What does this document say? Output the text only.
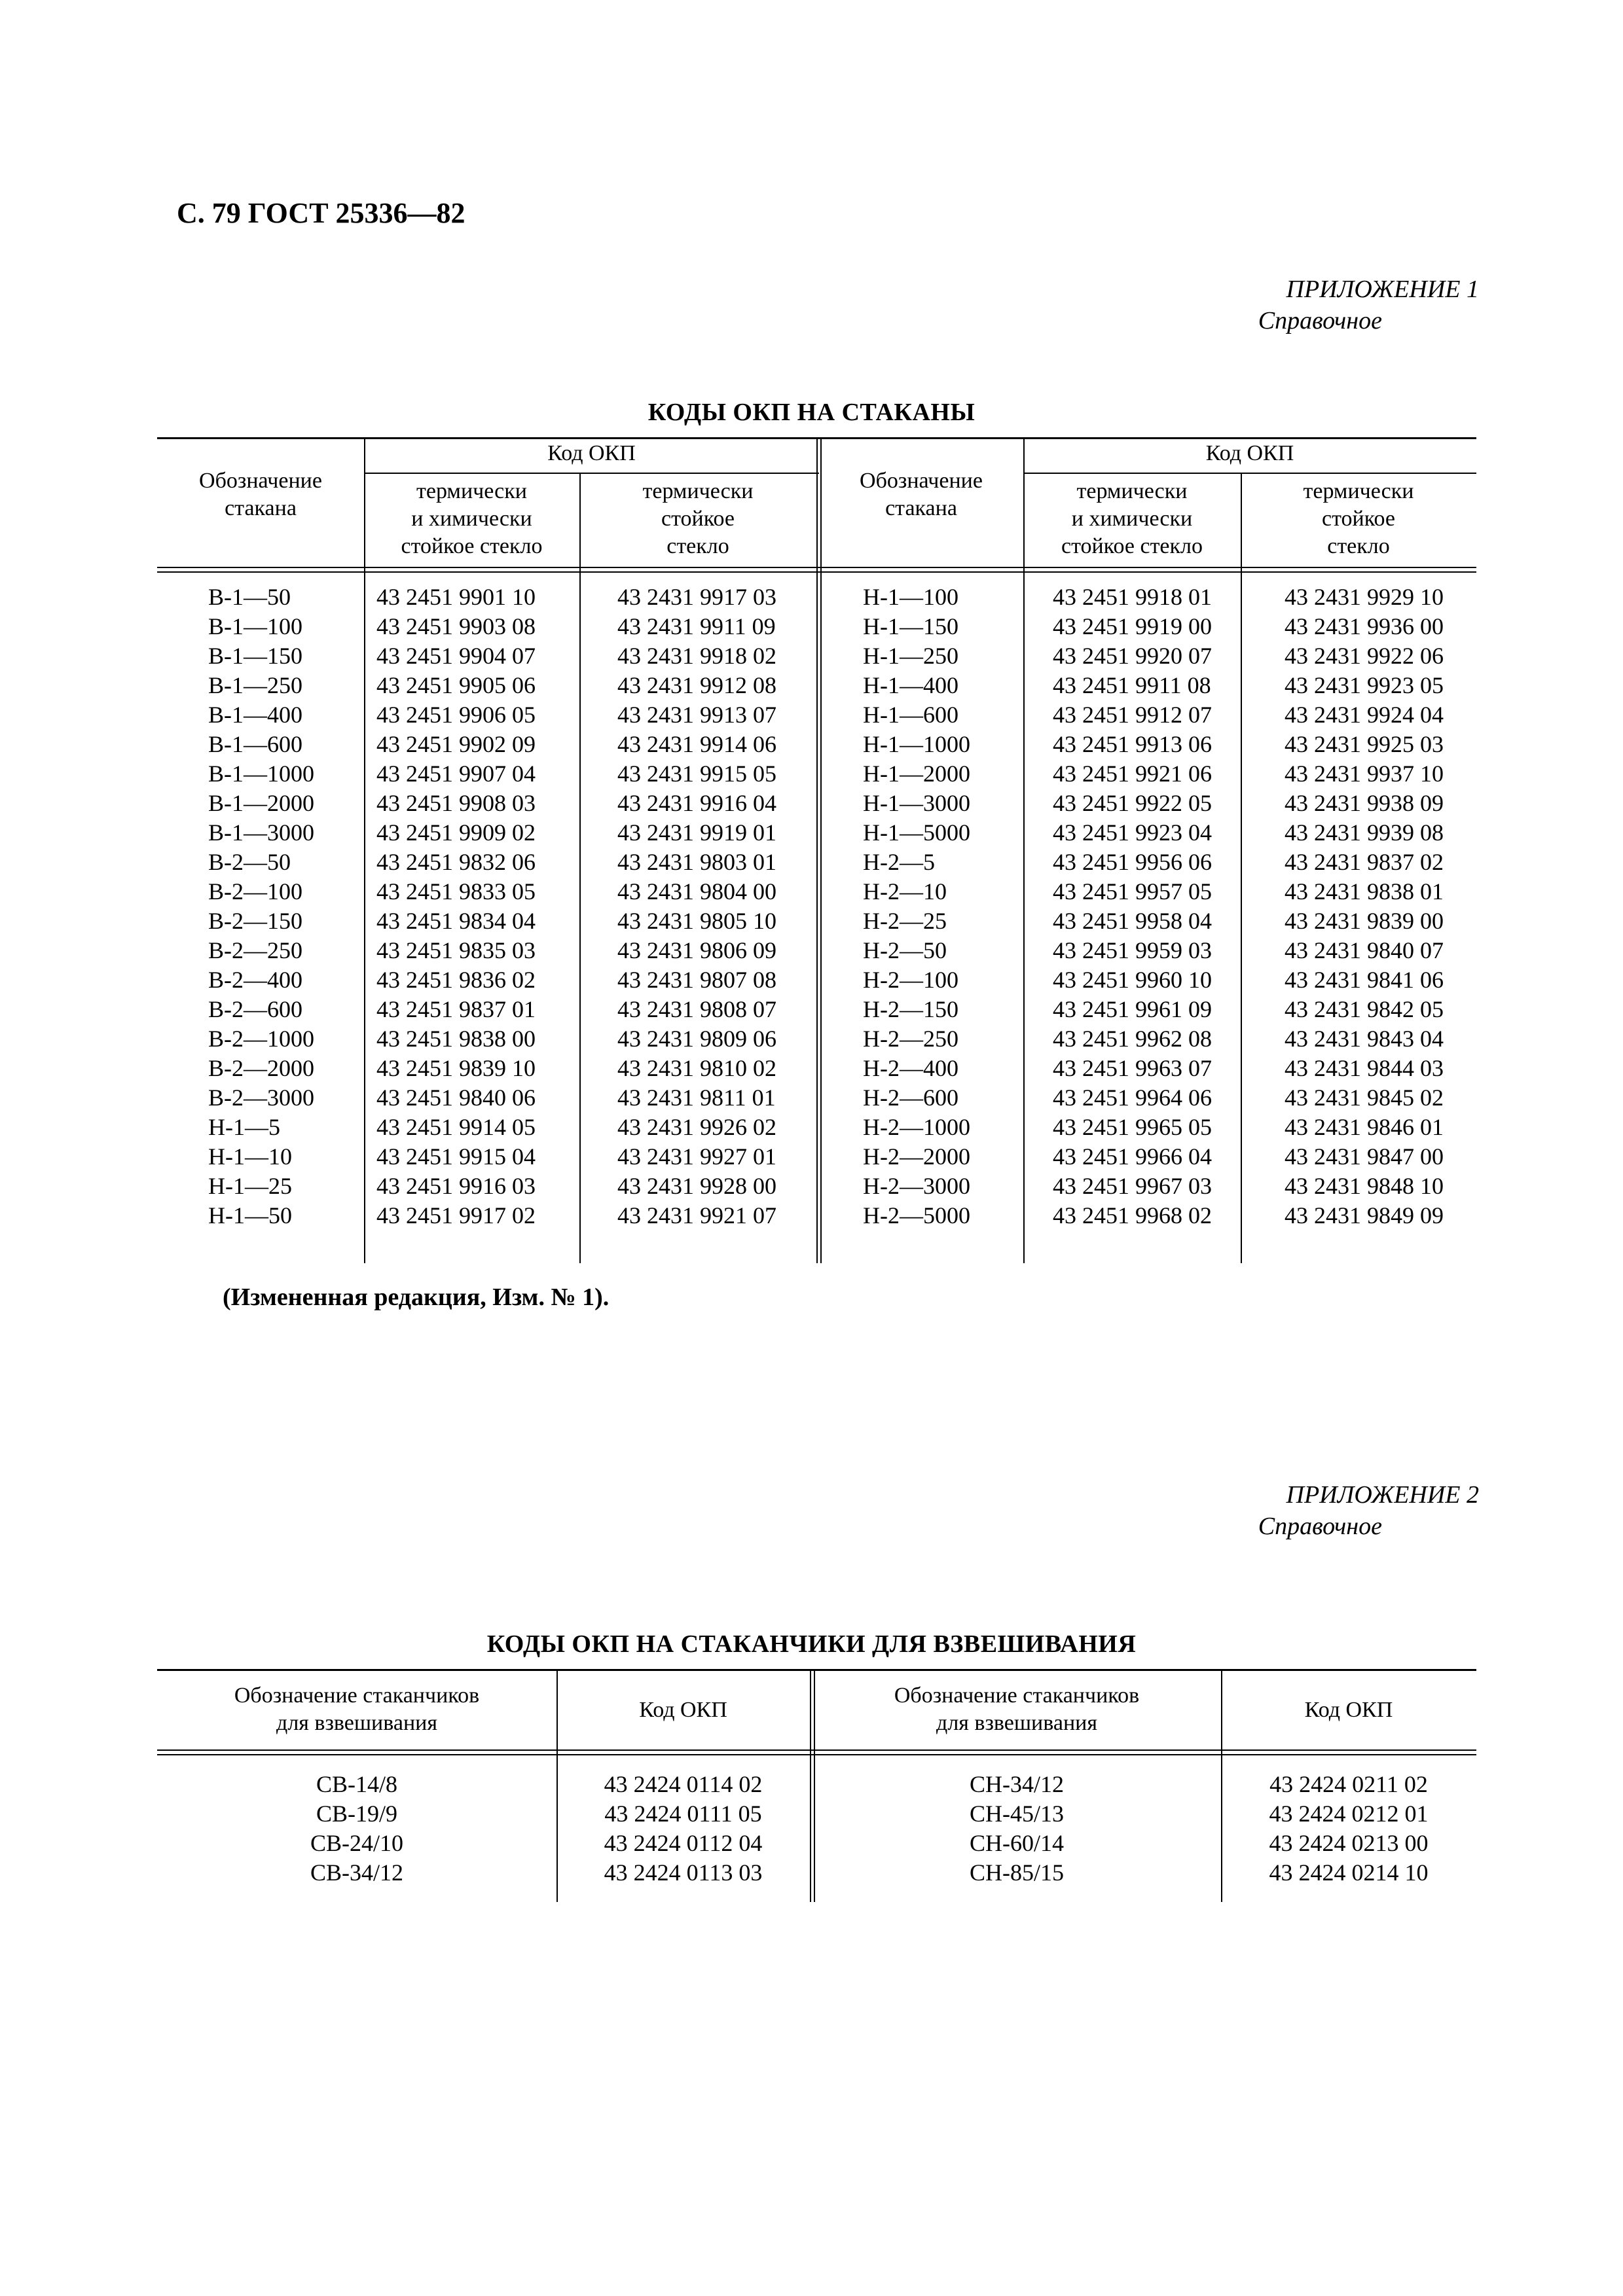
С. 79 ГОСТ 25336—82
ПРИЛОЖЕНИЕ 1
Справочное
КОДЫ ОКП НА СТАКАНЫ
Обозначение
стакана
Код ОКП
термически
и химически
стойкое стекло
термически
стойкое
стекло
Обозначение
стакана
Код ОКП
термически
и химически
стойкое стекло
термически
стойкое
стекло
В-1—50
В-1—100
В-1—150
В-1—250
В-1—400
В-1—600
В-1—1000
В-1—2000
В-1—3000
В-2—50
В-2—100
В-2—150
В-2—250
В-2—400
В-2—600
В-2—1000
В-2—2000
В-2—3000
Н-1—5
Н-1—10
Н-1—25
Н-1—50
43 2451 9901 10
43 2451 9903 08
43 2451 9904 07
43 2451 9905 06
43 2451 9906 05
43 2451 9902 09
43 2451 9907 04
43 2451 9908 03
43 2451 9909 02
43 2451 9832 06
43 2451 9833 05
43 2451 9834 04
43 2451 9835 03
43 2451 9836 02
43 2451 9837 01
43 2451 9838 00
43 2451 9839 10
43 2451 9840 06
43 2451 9914 05
43 2451 9915 04
43 2451 9916 03
43 2451 9917 02
43 2431 9917 03
43 2431 9911 09
43 2431 9918 02
43 2431 9912 08
43 2431 9913 07
43 2431 9914 06
43 2431 9915 05
43 2431 9916 04
43 2431 9919 01
43 2431 9803 01
43 2431 9804 00
43 2431 9805 10
43 2431 9806 09
43 2431 9807 08
43 2431 9808 07
43 2431 9809 06
43 2431 9810 02
43 2431 9811 01
43 2431 9926 02
43 2431 9927 01
43 2431 9928 00
43 2431 9921 07
Н-1—100
Н-1—150
Н-1—250
Н-1—400
Н-1—600
Н-1—1000
Н-1—2000
Н-1—3000
Н-1—5000
Н-2—5
Н-2—10
Н-2—25
Н-2—50
Н-2—100
Н-2—150
Н-2—250
Н-2—400
Н-2—600
Н-2—1000
Н-2—2000
Н-2—3000
Н-2—5000
43 2451 9918 01
43 2451 9919 00
43 2451 9920 07
43 2451 9911 08
43 2451 9912 07
43 2451 9913 06
43 2451 9921 06
43 2451 9922 05
43 2451 9923 04
43 2451 9956 06
43 2451 9957 05
43 2451 9958 04
43 2451 9959 03
43 2451 9960 10
43 2451 9961 09
43 2451 9962 08
43 2451 9963 07
43 2451 9964 06
43 2451 9965 05
43 2451 9966 04
43 2451 9967 03
43 2451 9968 02
43 2431 9929 10
43 2431 9936 00
43 2431 9922 06
43 2431 9923 05
43 2431 9924 04
43 2431 9925 03
43 2431 9937 10
43 2431 9938 09
43 2431 9939 08
43 2431 9837 02
43 2431 9838 01
43 2431 9839 00
43 2431 9840 07
43 2431 9841 06
43 2431 9842 05
43 2431 9843 04
43 2431 9844 03
43 2431 9845 02
43 2431 9846 01
43 2431 9847 00
43 2431 9848 10
43 2431 9849 09
(Измененная редакция, Изм. № 1).
ПРИЛОЖЕНИЕ 2
Справочное
КОДЫ ОКП НА СТАКАНЧИКИ ДЛЯ ВЗВЕШИВАНИЯ
Обозначение стаканчиков
для взвешивания
Код ОКП
Обозначение стаканчиков
для взвешивания
Код ОКП
СВ-14/8
СВ-19/9
СВ-24/10
СВ-34/12
43 2424 0114 02
43 2424 0111 05
43 2424 0112 04
43 2424 0113 03
СН-34/12
СН-45/13
СН-60/14
СН-85/15
43 2424 0211 02
43 2424 0212 01
43 2424 0213 00
43 2424 0214 10
